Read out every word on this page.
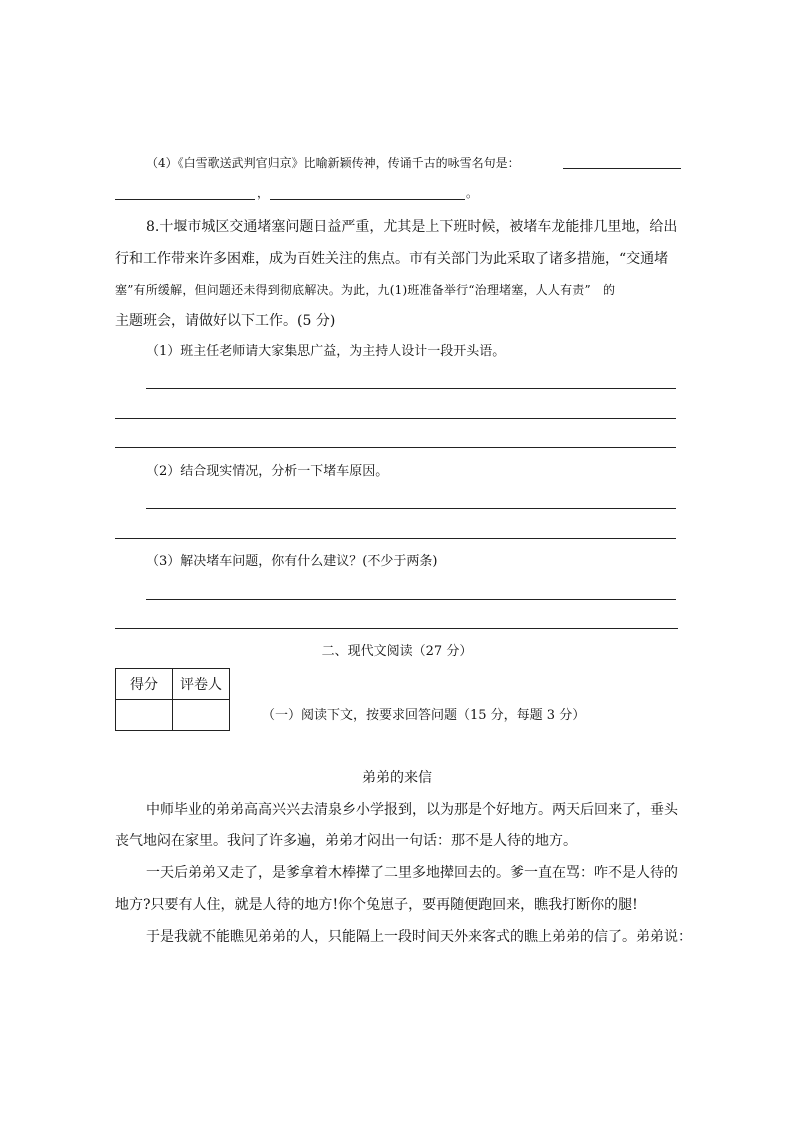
（4）《白雪歌送武判官归京》比喻新颖传神，传诵千古的咏雪名句是：
，	。
8.十堰市城区交通堵塞问题日益严重，尤其是上下班时候，被堵车龙能排几里地，给出
行和工作带来许多困难，成为百姓关注的焦点。市有关部门为此采取了诸多措施，“交通堵
塞”有所缓解，但问题还未得到彻底解决。为此，九(1)班准备举行“治理堵塞，人人有责”　的
主题班会，请做好以下工作。(5 分)
（1）班主任老师请大家集思广益，为主持人设计一段开头语。
（2）结合现实情况，分析一下堵车原因。
（3）解决堵车问题，你有什么建议？(不少于两条)
二、现代文阅读（27 分）
得分	评卷人

（一）阅读下文，按要求回答问题（15 分，每题 3 分）
弟弟的来信
中师毕业的弟弟高高兴兴去清泉乡小学报到，以为那是个好地方。两天后回来了，垂头
丧气地闷在家里。我问了许多遍，弟弟才闷出一句话：那不是人待的地方。
一天后弟弟又走了，是爹拿着木棒撵了二里多地撵回去的。爹一直在骂：咋不是人待的
地方?只要有人住，就是人待的地方!你个兔崽子，要再随便跑回来，瞧我打断你的腿!
于是我就不能瞧见弟弟的人，只能隔上一段时间天外来客式的瞧上弟弟的信了。弟弟说：
